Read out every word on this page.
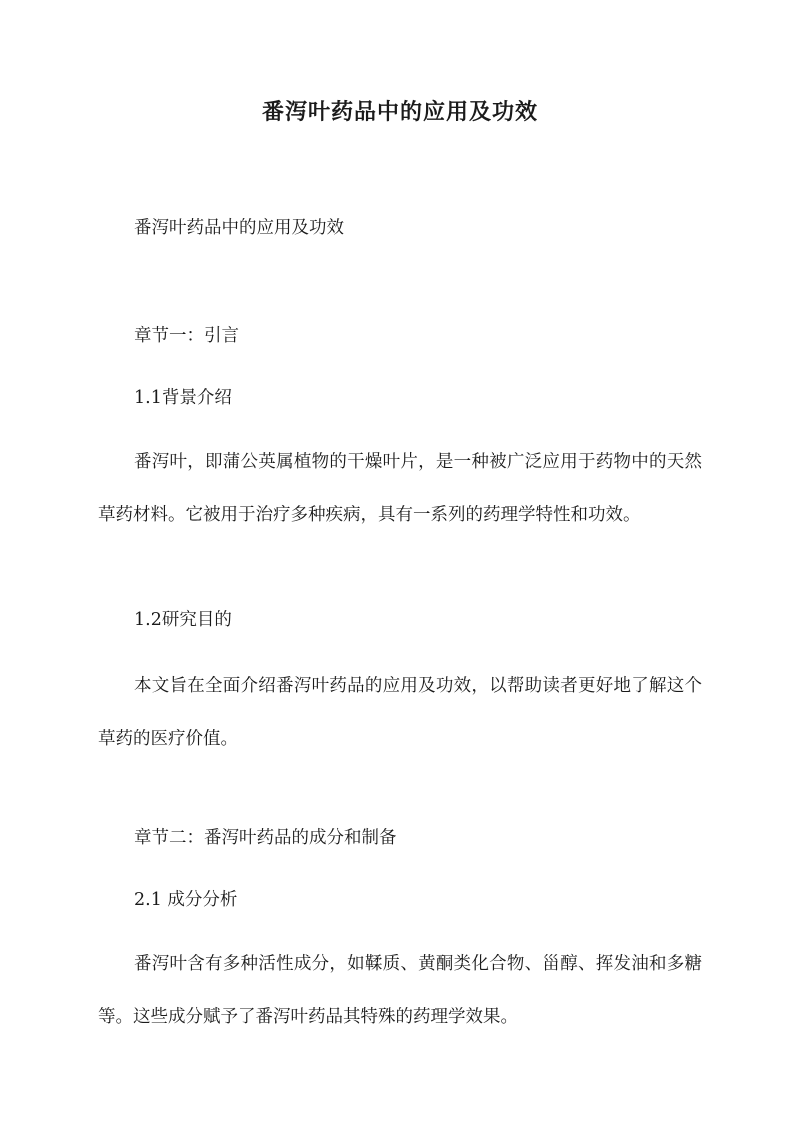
番泻叶药品中的应用及功效

番泻叶药品中的应用及功效

章节一：引言

1.1背景介绍

番泻叶，即蒲公英属植物的干燥叶片，是一种被广泛应用于药物中的天然草药材料。它被用于治疗多种疾病，具有一系列的药理学特性和功效。

1.2研究目的

本文旨在全面介绍番泻叶药品的应用及功效，以帮助读者更好地了解这个草药的医疗价值。

章节二：番泻叶药品的成分和制备

2.1 成分分析

番泻叶含有多种活性成分，如鞣质、黄酮类化合物、甾醇、挥发油和多糖等。这些成分赋予了番泻叶药品其特殊的药理学效果。
